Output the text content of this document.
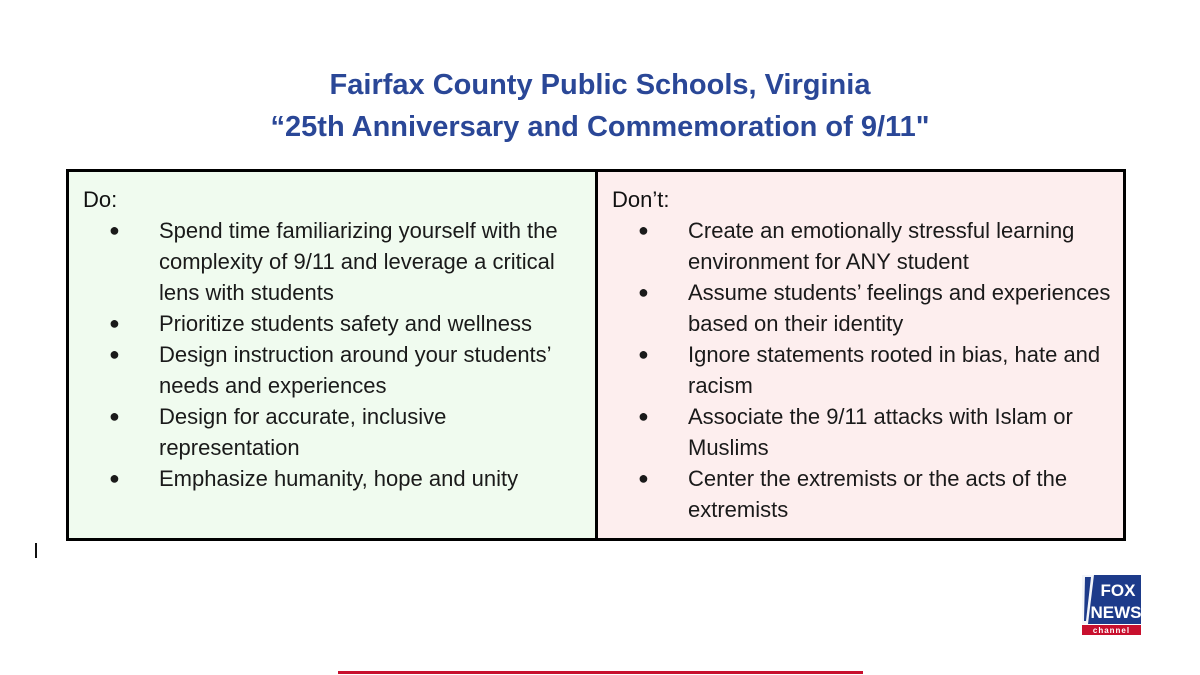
Fairfax County Public Schools, Virginia
“25th Anniversary and Commemoration of 9/11"

Do:

●	Spend time familiarizing yourself with the complexity of 9/11 and leverage a critical lens with students
●	Prioritize students safety and wellness
●	Design instruction around your students’ needs and experiences
●	Design for accurate, inclusive representation
●	Emphasize humanity, hope and unity

Don’t:

●	Create an emotionally stressful learning environment for ANY student
●	Assume students’ feelings and experiences based on their identity
●	Ignore statements rooted in bias, hate and racism
●	Associate the 9/11 attacks with Islam or Muslims
●	Center the extremists or the acts of the extremists
FOX
NEWS
channel
